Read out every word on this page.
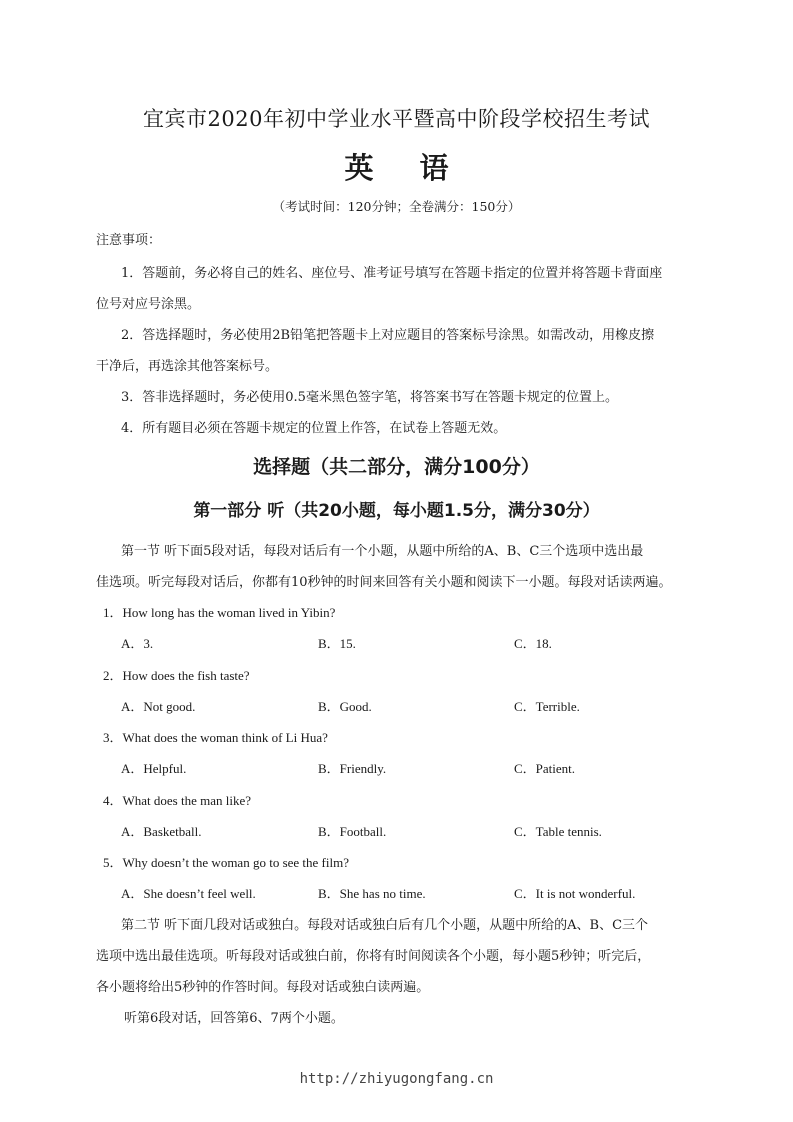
宜宾市2020年初中学业水平暨高中阶段学校招生考试
英 语
（考试时间：120分钟；全卷满分：150分）
注意事项：
1．答题前，务必将自己的姓名、座位号、准考证号填写在答题卡指定的位置并将答题卡背面座
位号对应号涂黑。
2．答选择题时，务必使用2B铅笔把答题卡上对应题目的答案标号涂黑。如需改动，用橡皮擦
干净后，再选涂其他答案标号。
3．答非选择题时，务必使用0.5毫米黑色签字笔，将答案书写在答题卡规定的位置上。
4．所有题目必须在答题卡规定的位置上作答，在试卷上答题无效。
选择题（共二部分，满分100分）
第一部分 听（共20小题，每小题1.5分，满分30分）
第一节 听下面5段对话，每段对话后有一个小题，从题中所给的A、B、C三个选项中选出最
佳选项。听完每段对话后，你都有10秒钟的时间来回答有关小题和阅读下一小题。每段对话读两遍。
1．How long has the woman lived in Yibin?
A．3.	B．15.	C．18.
2．How does the fish taste?
A．Not good.	B．Good.	C．Terrible.
3．What does the woman think of Li Hua?
A．Helpful.	B．Friendly.	C．Patient.
4．What does the man like?
A．Basketball.	B．Football.	C．Table tennis.
5．Why doesn’t the woman go to see the film?
A．She doesn’t feel well.	B．She has no time.	C．It is not wonderful.
第二节 听下面几段对话或独白。每段对话或独白后有几个小题，从题中所给的A、B、C三个
选项中选出最佳选项。听每段对话或独白前，你将有时间阅读各个小题，每小题5秒钟；听完后，
各小题将给出5秒钟的作答时间。每段对话或独白读两遍。
听第6段对话，回答第6、7两个小题。
http://zhiyugongfang.cn
